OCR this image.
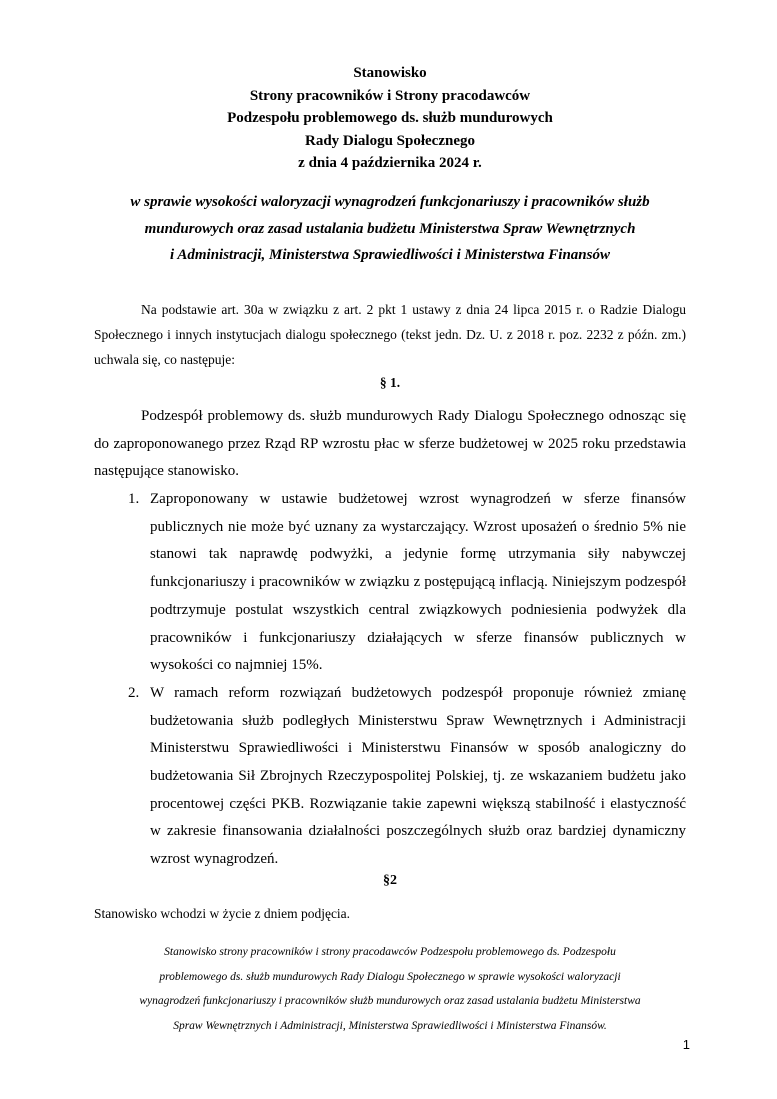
Stanowisko
Strony pracowników i Strony pracodawców
Podzespołu problemowego ds. służb mundurowych
Rady Dialogu Społecznego
z dnia 4 października 2024 r.
w sprawie wysokości waloryzacji wynagrodzeń funkcjonariuszy i pracowników służb
mundurowych oraz zasad ustalania budżetu Ministerstwa Spraw Wewnętrznych
i Administracji, Ministerstwa Sprawiedliwości i Ministerstwa Finansów

Na podstawie art. 30a w związku z art. 2 pkt 1 ustawy z dnia 24 lipca 2015 r. o Radzie Dialogu Społecznego i innych instytucjach dialogu społecznego (tekst jedn. Dz. U. z 2018 r. poz. 2232 z późn. zm.) uchwala się, co następuje:

§ 1.

Podzespół problemowy ds. służb mundurowych Rady Dialogu Społecznego odnosząc się do zaproponowanego przez Rząd RP wzrostu płac w sferze budżetowej w 2025 roku przedstawia następujące stanowisko.

1. Zaproponowany w ustawie budżetowej wzrost wynagrodzeń w sferze finansów publicznych nie może być uznany za wystarczający. Wzrost uposażeń o średnio 5% nie stanowi tak naprawdę podwyżki, a jedynie formę utrzymania siły nabywczej funkcjonariuszy i pracowników w związku z postępującą inflacją. Niniejszym podzespół podtrzymuje postulat wszystkich central związkowych podniesienia podwyżek dla pracowników i funkcjonariuszy działających w sferze finansów publicznych w wysokości co najmniej 15%.
2. W ramach reform rozwiązań budżetowych podzespół proponuje również zmianę budżetowania służb podległych Ministerstwu Spraw Wewnętrznych i Administracji Ministerstwu Sprawiedliwości i Ministerstwu Finansów w sposób analogiczny do budżetowania Sił Zbrojnych Rzeczypospolitej Polskiej, tj. ze wskazaniem budżetu jako procentowej części PKB. Rozwiązanie takie zapewni większą stabilność i elastyczność w zakresie finansowania działalności poszczególnych służb oraz bardziej dynamiczny wzrost wynagrodzeń.
§2
Stanowisko wchodzi w życie z dniem podjęcia.
Stanowisko strony pracowników i strony pracodawców Podzespołu problemowego ds. Podzespołu
problemowego ds. służb mundurowych Rady Dialogu Społecznego w sprawie wysokości waloryzacji
wynagrodzeń funkcjonariuszy i pracowników służb mundurowych oraz zasad ustalania budżetu Ministerstwa
Spraw Wewnętrznych i Administracji, Ministerstwa Sprawiedliwości i Ministerstwa Finansów.
1
